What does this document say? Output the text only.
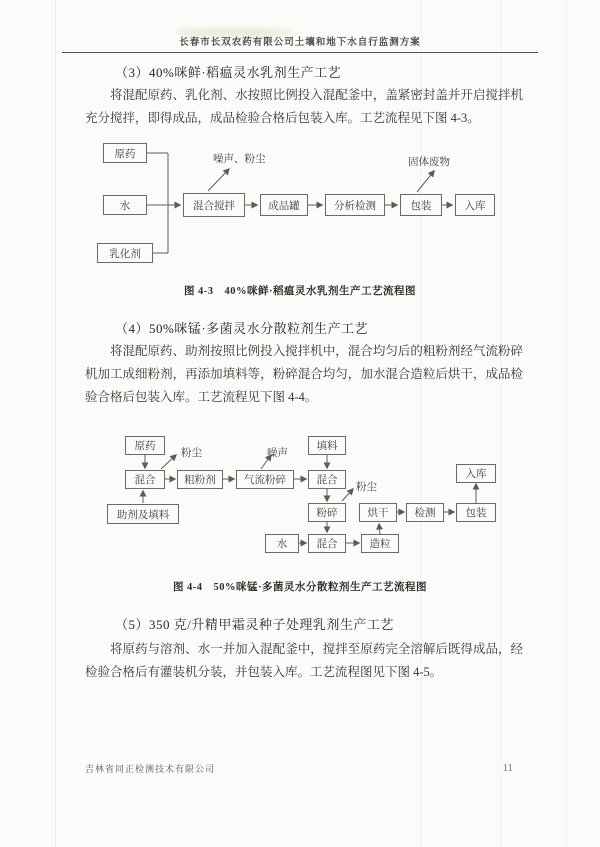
长春市长双农药有限公司土壤和地下水自行监测方案
（3）40%咪鲜·稻瘟灵水乳剂生产工艺
将混配原药、乳化剂、水按照比例投入混配釜中，盖紧密封盖并开启搅拌机充分搅拌，即得成品，成品检验合格后包装入库。工艺流程见下图 4-3。
原药
水
乳化剂
混合搅拌	成品罐	分析检测	包装	入库
噪声、粉尘	固体废物
图 4-3　40%咪鲜·稻瘟灵水乳剂生产工艺流程图
（4）50%咪锰·多菌灵水分散粒剂生产工艺
将混配原药、助剂按照比例投入搅拌机中，混合均匀后的粗粉剂经气流粉碎机加工成细粉剂，再添加填料等，粉碎混合均匀，加水混合造粒后烘干，成品检验合格后包装入库。工艺流程见下图 4-4。
原药
混合
助剂及填料
粗粉剂	气流粉碎
填料
混合
粉碎
水	混合	造粒
烘干	检测	包装
入库
粉尘	噪声
粉尘
图 4-4　50%咪锰·多菌灵水分散粒剂生产工艺流程图
（5）350 克/升精甲霜灵种子处理乳剂生产工艺
将原药与溶剂、水一并加入混配釜中，搅拌至原药完全溶解后既得成品，经检验合格后有灌装机分装，并包装入库。工艺流程图见下图 4-5。
吉林省同正检测技术有限公司	11
